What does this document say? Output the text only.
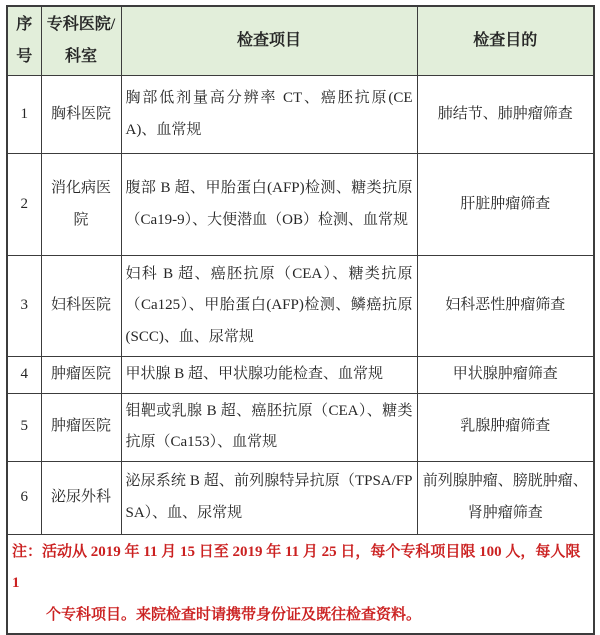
序号	专科医院/科室	检查项目	检查目的
1	胸科医院	胸部低剂量高分辨率 CT、癌胚抗原(CEA)、血常规	肺结节、肺肿瘤筛查
2	消化病医院	腹部 B 超、甲胎蛋白(AFP)检测、糖类抗原（Ca19-9）、大便潜血（OB）检测、血常规	肝脏肿瘤筛查
3	妇科医院	妇科 B 超、癌胚抗原（CEA）、糖类抗原（Ca125）、甲胎蛋白(AFP)检测、鳞癌抗原(SCC)、血、尿常规	妇科恶性肿瘤筛查
4	肿瘤医院	甲状腺 B 超、甲状腺功能检查、血常规	甲状腺肿瘤筛查
5	肿瘤医院	钼靶或乳腺 B 超、癌胚抗原（CEA）、糖类抗原（Ca153）、血常规	乳腺肿瘤筛查
6	泌尿外科	泌尿系统 B 超、前列腺特异抗原（TPSA/FPSA）、血、尿常规	前列腺肿瘤、膀胱肿瘤、肾肿瘤筛查

注：活动从 2019 年 11 月 15 日至 2019 年 11 月 25 日，每个专科项目限 100 人，每人限 1
个专科项目。来院检查时请携带身份证及既往检查资料。			
